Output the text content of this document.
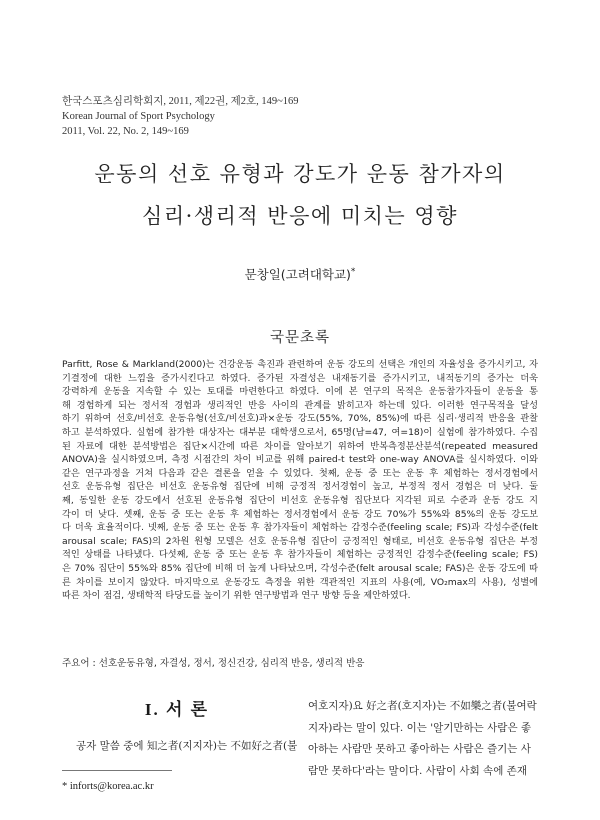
한국스포츠심리학회지, 2011, 제22권, 제2호, 149~169
Korean Journal of Sport Psychology
2011, Vol. 22, No. 2, 149~169
운동의 선호 유형과 강도가 운동 참가자의
심리·생리적 반응에 미치는 영향
문창일(고려대학교)*
국문초록
Parfitt, Rose & Markland(2000)는 건강운동 촉진과 관련하여 운동 강도의 선택은 개인의 자율성을 증가시키고, 자
기결정에 대한 느낌을 증가시킨다고 하였다. 증가된 자결성은 내재동기를 증가시키고, 내적동기의 증가는 더욱
강력하게 운동을 지속할 수 있는 토대를 마련한다고 하였다. 이에 본 연구의 목적은 운동참가자들이 운동을 통
해 경험하게 되는 정서적 경험과 생리적인 반응 사이의 관계를 밝히고자 하는데 있다. 이러한 연구목적을 달성
하기 위하여 선호/비선호 운동유형(선호/비선호)과×운동 강도(55%, 70%, 85%)에 따른 심리·생리적 반응을 관찰
하고 분석하였다. 실험에 참가한 대상자는 대부분 대학생으로서, 65명(남=47, 여=18)이 실험에 참가하였다. 수집
된 자료에 대한 분석방법은 집단×시간에 따른 차이를 알아보기 위하여 반복측정분산분석(repeated measured
ANOVA)을 실시하였으며, 측정 시점간의 차이 비교를 위해 paired-t test와 one-way ANOVA를 실시하였다. 이와
같은 연구과정을 거쳐 다음과 같은 결론을 얻을 수 있었다. 첫째, 운동 중 또는 운동 후 체험하는 정서경험에서
선호 운동유형 집단은 비선호 운동유형 집단에 비해 긍정적 정서경험이 높고, 부정적 정서 경험은 더 낮다. 둘
째, 동일한 운동 강도에서 선호된 운동유형 집단이 비선호 운동유형 집단보다 지각된 피로 수준과 운동 강도 지
각이 더 낮다. 셋째, 운동 중 또는 운동 후 체험하는 정서경험에서 운동 강도 70%가 55%와 85%의 운동 강도보
다 더욱 효율적이다. 넷째, 운동 중 또는 운동 후 참가자들이 체험하는 감정수준(feeling scale; FS)과 각성수준(felt
arousal scale; FAS)의 2차원 원형 모델은 선호 운동유형 집단이 긍정적인 형태로, 비선호 운동유형 집단은 부정
적인 상태를 나타냈다. 다섯째, 운동 중 또는 운동 후 참가자들이 체험하는 긍정적인 감정수준(feeling scale; FS)
은 70% 집단이 55%와 85% 집단에 비해 더 높게 나타났으며, 각성수준(felt arousal scale; FAS)은 운동 강도에 따
른 차이를 보이지 않았다. 마지막으로 운동강도 측정을 위한 객관적인 지표의 사용(예, VO₂max의 사용), 성별에
따른 차이 점검, 생태학적 타당도를 높이기 위한 연구방법과 연구 방향 등을 제안하였다.
주요어 : 선호운동유형, 자결성, 정서, 정신건강, 심리적 반응, 생리적 반응
I. 서 론
공자 말씀 중에 知之者(지지자)는 不如好之者(불
여호지자)요 好之者(호지자)는 不如樂之者(불여락
지자)라는 말이 있다. 이는 '알기만하는 사람은 좋
아하는 사람만 못하고 좋아하는 사람은 즐기는 사
람만 못하다'라는 말이다. 사람이 사회 속에 존재
* inforts@korea.ac.kr
